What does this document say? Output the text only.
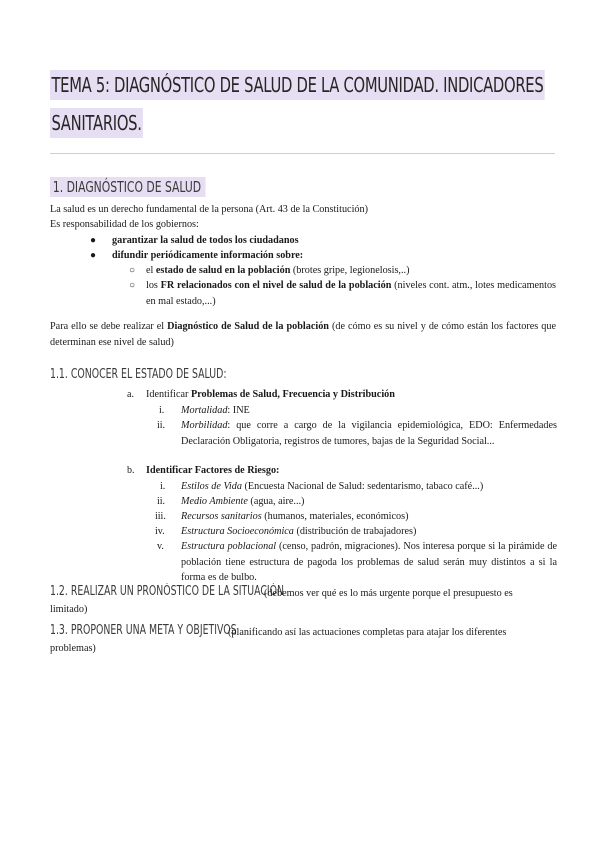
TEMA 5: DIAGNÓSTICO DE SALUD DE LA COMUNIDAD. INDICADORES
SANITARIOS.
1. DIAGNÓSTICO DE SALUD
La salud es un derecho fundamental de la persona (Art. 43 de la Constitución)
Es responsabilidad de los gobiernos:
● garantizar la salud de todos los ciudadanos
● difundir periódicamente información sobre:
○ el estado de salud en la población (brotes gripe, legionelosis,..)
○ los FR relacionados con el nivel de salud de la población (niveles cont. atm., lotes medicamentos en mal estado,...)
Para ello se debe realizar el Diagnóstico de Salud de la población (de cómo es su nivel y de cómo están los factores que determinan ese nivel de salud)
1.1. CONOCER EL ESTADO DE SALUD:
a. Identificar Problemas de Salud, Frecuencia y Distribución
i. Mortalidad: INE
ii. Morbilidad: que corre a cargo de la vigilancia epidemiológica, EDO: Enfermedades Declaración Obligatoria, registros de tumores, bajas de la Seguridad Social...
b. Identificar Factores de Riesgo:
i. Estilos de Vida (Encuesta Nacional de Salud: sedentarismo, tabaco café...)
ii. Medio Ambiente (agua, aire...)
iii. Recursos sanitarios (humanos, materiales, económicos)
iv. Estructura Socioeconómica (distribución de trabajadores)
v. Estructura poblacional (censo, padrón, migraciones). Nos interesa porque si la pirámide de población tiene estructura de pagoda los problemas de salud serán muy distintos a si la forma es de bulbo.
1.2. REALIZAR UN PRONÓSTICO DE LA SITUACIÓN
(debemos ver qué es lo más urgente porque el presupuesto es
limitado)
1.3. PROPONER UNA META Y OBJETIVOS
(planificando así las actuaciones completas para atajar los diferentes
problemas)
